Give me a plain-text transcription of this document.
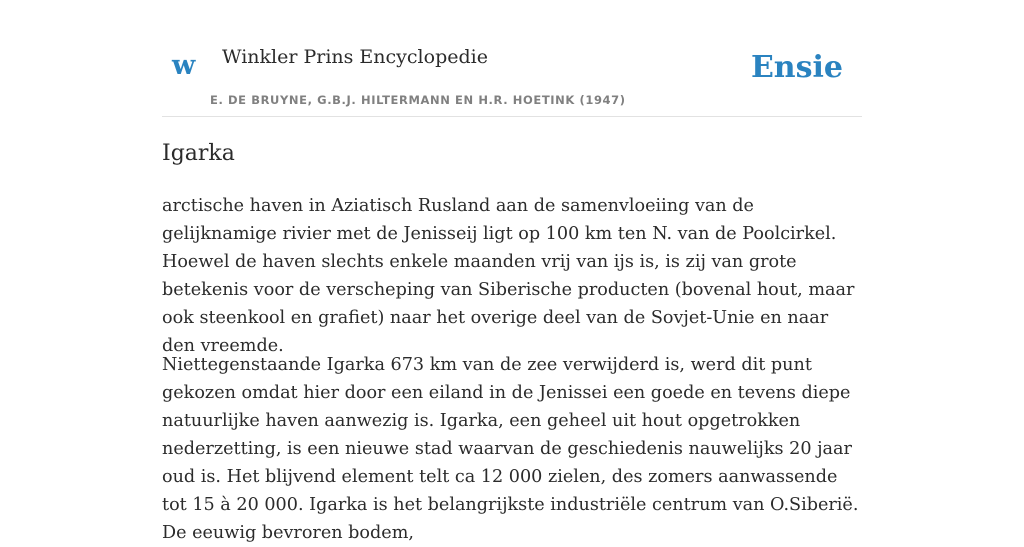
w Winkler Prins Encyclopedie
E. DE BRUYNE, G.B.J. HILTERMANN EN H.R. HOETINK (1947)
Ensie
Igarka

arctische haven in Aziatisch Rusland aan de samenvloeiing van de gelijknamige rivier met de Jenisseij ligt op 100 km ten N. van de Poolcirkel. Hoewel de haven slechts enkele maanden vrij van ijs is, is zij van grote betekenis voor de verscheping van Siberische producten (bovenal hout, maar ook steenkool en grafiet) naar het overige deel van de Sovjet-Unie en naar den vreemde.

Niettegenstaande Igarka 673 km van de zee verwijderd is, werd dit punt gekozen omdat hier door een eiland in de Jenissei een goede en tevens diepe natuurlijke haven aanwezig is. Igarka, een geheel uit hout opgetrokken nederzetting, is een nieuwe stad waarvan de geschiedenis nauwelijks 20 jaar oud is. Het blijvend element telt ca 12 000 zielen, des zomers aanwassende tot 15 à 20 000. Igarka is het belangrijkste industriële centrum van O.Siberië. De eeuwig bevroren bodem,
